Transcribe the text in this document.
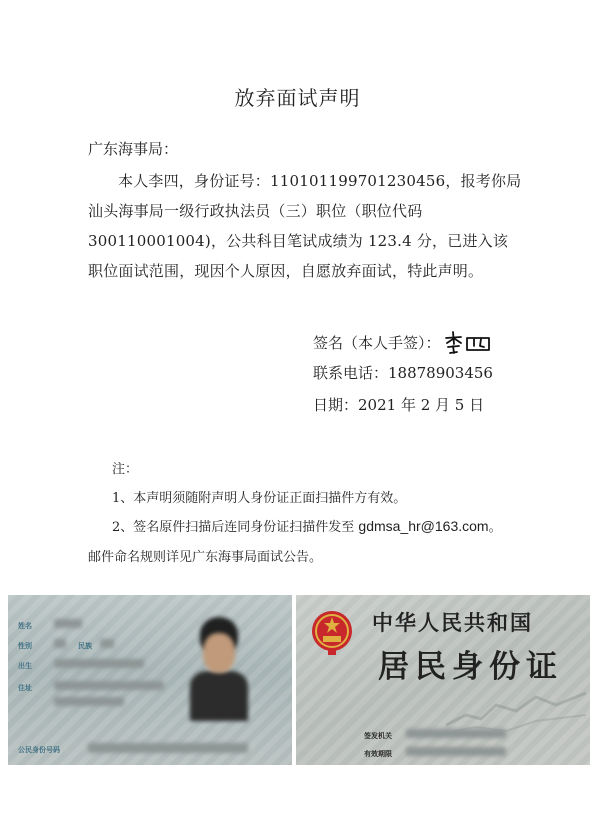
放弃面试声明
广东海事局：
本人李四，身份证号：110101199701230456，报考你局
汕头海事局一级行政执法员（三）职位（职位代码
300110001004)，公共科目笔试成绩为 123.4 分，已进入该
职位面试范围，现因个人原因，自愿放弃面试，特此声明。
签名（本人手签）：
联系电话：18878903456
日期：2021 年 2 月 5 日
注：
1、本声明须随附声明人身份证正面扫描件方有效。
2、签名原件扫描后连同身份证扫描件发至 gdmsa_hr@163.com。
邮件命名规则详见广东海事局面试公告。
姓名
性别	民族
出生
住址
公民身份号码
中华人民共和国
居民身份证
签发机关
有效期限
